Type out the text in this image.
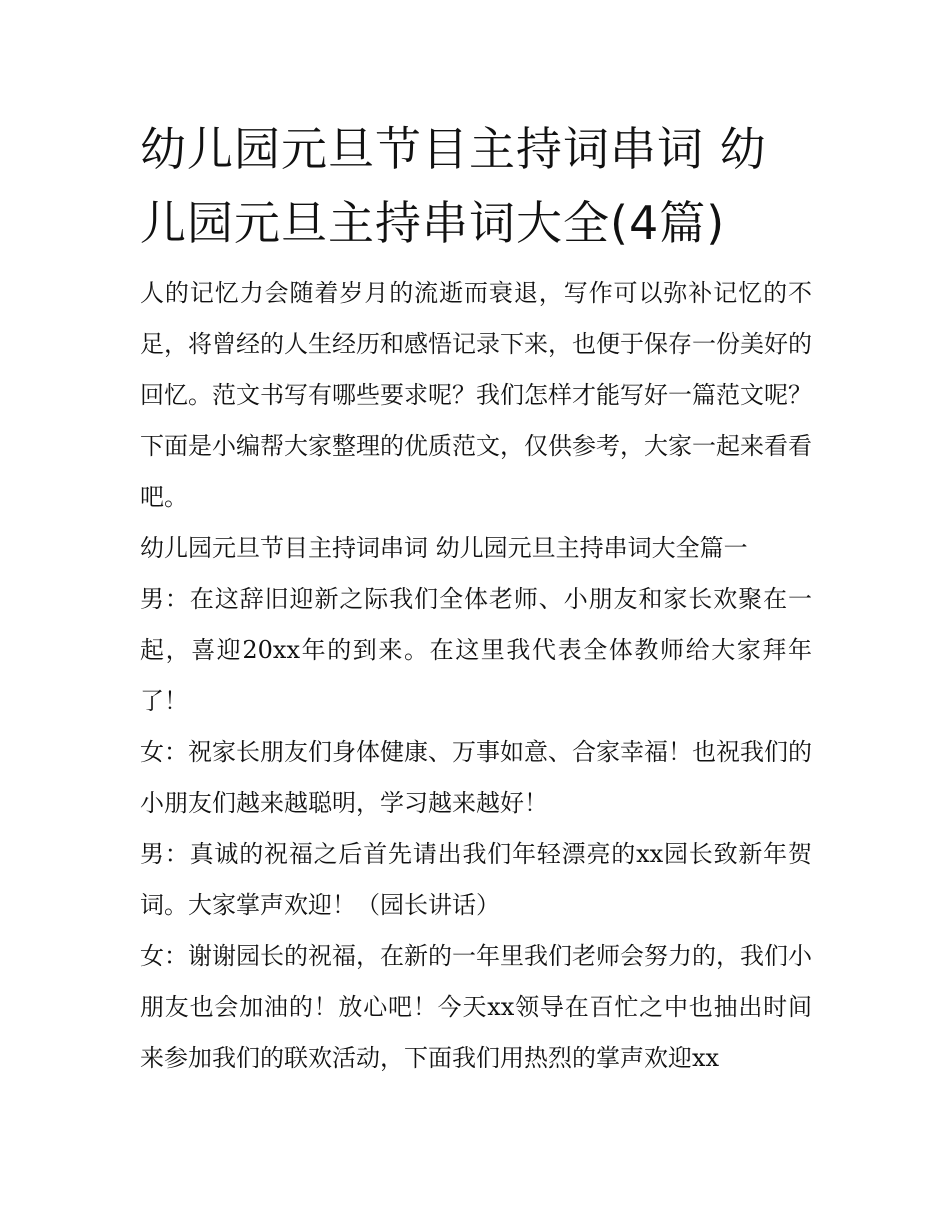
幼儿园元旦节目主持词串词 幼儿园元旦主持串词大全(4篇)

人的记忆力会随着岁月的流逝而衰退，写作可以弥补记忆的不足，将曾经的人生经历和感悟记录下来，也便于保存一份美好的回忆。范文书写有哪些要求呢？我们怎样才能写好一篇范文呢？下面是小编帮大家整理的优质范文，仅供参考，大家一起来看看吧。

幼儿园元旦节目主持词串词 幼儿园元旦主持串词大全篇一

男：在这辞旧迎新之际我们全体老师、小朋友和家长欢聚在一起，喜迎20xx年的到来。在这里我代表全体教师给大家拜年了！

女：祝家长朋友们身体健康、万事如意、合家幸福！也祝我们的小朋友们越来越聪明，学习越来越好！

男：真诚的祝福之后首先请出我们年轻漂亮的xx园长致新年贺词。大家掌声欢迎！（园长讲话）

女：谢谢园长的祝福，在新的一年里我们老师会努力的，我们小朋友也会加油的！放心吧！今天xx领导在百忙之中也抽出时间来参加我们的联欢活动，下面我们用热烈的掌声欢迎xx
